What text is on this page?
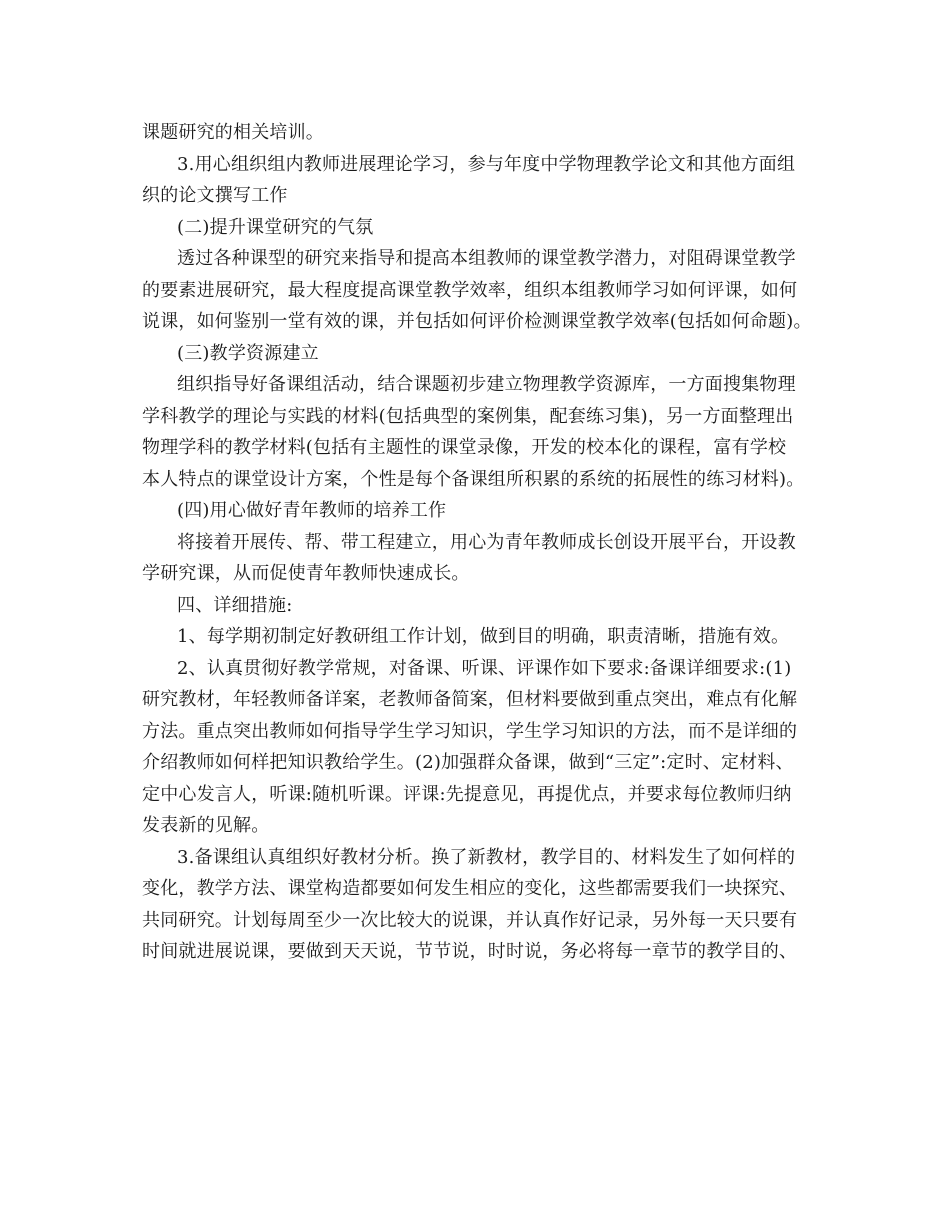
课题研究的相关培训。
3.用心组织组内教师进展理论学习，参与年度中学物理教学论文和其他方面组
织的论文撰写工作
(二)提升课堂研究的气氛
透过各种课型的研究来指导和提高本组教师的课堂教学潜力，对阻碍课堂教学
的要素进展研究，最大程度提高课堂教学效率，组织本组教师学习如何评课，如何
说课，如何鉴别一堂有效的课，并包括如何评价检测课堂教学效率(包括如何命题)。
(三)教学资源建立
组织指导好备课组活动，结合课题初步建立物理教学资源库，一方面搜集物理
学科教学的理论与实践的材料(包括典型的案例集，配套练习集)，另一方面整理出
物理学科的教学材料(包括有主题性的课堂录像，开发的校本化的课程，富有学校
本人特点的课堂设计方案，个性是每个备课组所积累的系统的拓展性的练习材料)。
(四)用心做好青年教师的培养工作
将接着开展传、帮、带工程建立，用心为青年教师成长创设开展平台，开设教
学研究课，从而促使青年教师快速成长。
四、详细措施:
1、每学期初制定好教研组工作计划，做到目的明确，职责清晰，措施有效。
2、认真贯彻好教学常规，对备课、听课、评课作如下要求:备课详细要求:(1)
研究教材，年轻教师备详案，老教师备简案，但材料要做到重点突出，难点有化解
方法。重点突出教师如何指导学生学习知识，学生学习知识的方法，而不是详细的
介绍教师如何样把知识教给学生。(2)加强群众备课，做到“三定”:定时、定材料、
定中心发言人，听课:随机听课。评课:先提意见，再提优点，并要求每位教师归纳
发表新的见解。
3.备课组认真组织好教材分析。换了新教材，教学目的、材料发生了如何样的
变化，教学方法、课堂构造都要如何发生相应的变化，这些都需要我们一块探究、
共同研究。计划每周至少一次比较大的说课，并认真作好记录，另外每一天只要有
时间就进展说课，要做到天天说，节节说，时时说，务必将每一章节的教学目的、
